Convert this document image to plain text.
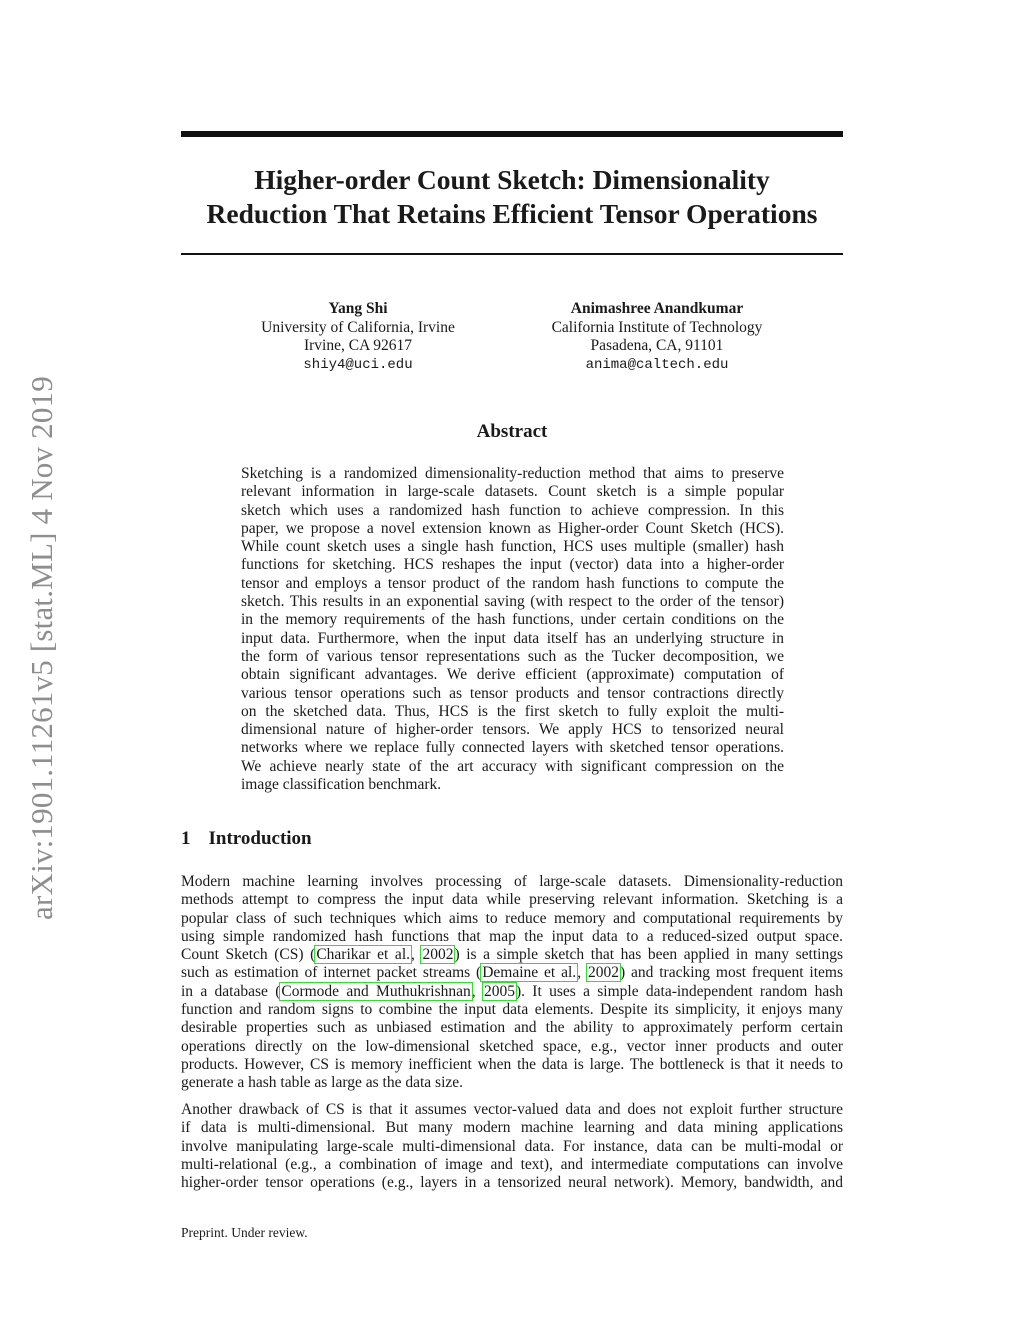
arXiv:1901.11261v5 [stat.ML] 4 Nov 2019
Higher-order Count Sketch: Dimensionality
Reduction That Retains Efficient Tensor Operations
Yang Shi
University of California, Irvine
Irvine, CA 92617
shiy4@uci.edu
Animashree Anandkumar
California Institute of Technology
Pasadena, CA, 91101
anima@caltech.edu
Abstract
Sketching is a randomized dimensionality-reduction method that aims to preserve
relevant information in large-scale datasets. Count sketch is a simple popular
sketch which uses a randomized hash function to achieve compression. In this
paper, we propose a novel extension known as Higher-order Count Sketch (HCS).
While count sketch uses a single hash function, HCS uses multiple (smaller) hash
functions for sketching. HCS reshapes the input (vector) data into a higher-order
tensor and employs a tensor product of the random hash functions to compute the
sketch. This results in an exponential saving (with respect to the order of the tensor)
in the memory requirements of the hash functions, under certain conditions on the
input data. Furthermore, when the input data itself has an underlying structure in
the form of various tensor representations such as the Tucker decomposition, we
obtain significant advantages. We derive efficient (approximate) computation of
various tensor operations such as tensor products and tensor contractions directly
on the sketched data. Thus, HCS is the first sketch to fully exploit the multi-
dimensional nature of higher-order tensors. We apply HCS to tensorized neural
networks where we replace fully connected layers with sketched tensor operations.
We achieve nearly state of the art accuracy with significant compression on the
image classification benchmark.
1 Introduction
Modern machine learning involves processing of large-scale datasets. Dimensionality-reduction
methods attempt to compress the input data while preserving relevant information. Sketching is a
popular class of such techniques which aims to reduce memory and computational requirements by
using simple randomized hash functions that map the input data to a reduced-sized output space.
Count Sketch (CS) (Charikar et al., 2002) is a simple sketch that has been applied in many settings
such as estimation of internet packet streams (Demaine et al., 2002) and tracking most frequent items
in a database (Cormode and Muthukrishnan, 2005). It uses a simple data-independent random hash
function and random signs to combine the input data elements. Despite its simplicity, it enjoys many
desirable properties such as unbiased estimation and the ability to approximately perform certain
operations directly on the low-dimensional sketched space, e.g., vector inner products and outer
products. However, CS is memory inefficient when the data is large. The bottleneck is that it needs to
generate a hash table as large as the data size.
Another drawback of CS is that it assumes vector-valued data and does not exploit further structure
if data is multi-dimensional. But many modern machine learning and data mining applications
involve manipulating large-scale multi-dimensional data. For instance, data can be multi-modal or
multi-relational (e.g., a combination of image and text), and intermediate computations can involve
higher-order tensor operations (e.g., layers in a tensorized neural network). Memory, bandwidth, and
Preprint. Under review.
